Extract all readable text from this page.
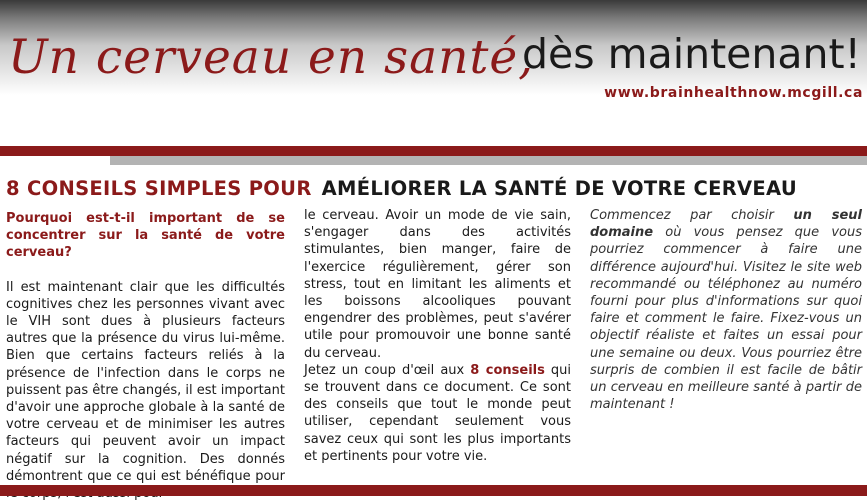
Un cerveau en santé,
dès maintenant!
www.brainhealthnow.mcgill.ca
8 CONSEILS SIMPLES POUR AMÉLIORER LA SANTÉ DE VOTRE CERVEAU

Pourquoi est-t-il important de se concentrer sur la santé de votre cerveau?

Il est maintenant clair que les difficultés cognitives chez les personnes vivant avec le VIH sont dues à plusieurs facteurs autres que la présence du virus lui-même. Bien que certains facteurs reliés à la présence de l'infection dans le corps ne puissent pas être changés, il est important d'avoir une approche globale à la santé de votre cerveau et de minimiser les autres facteurs qui peuvent avoir un impact négatif sur la cognition. Des donnés démontrent que ce qui est bénéfique pour

le cerveau. Avoir un mode de vie sain, s'engager dans des activités stimulantes, bien manger, faire de l'exercice régulièrement, gérer son stress, tout en limitant les aliments et les boissons alcooliques pouvant engendrer des problèmes, peut s'avérer utile pour promouvoir une bonne santé du cerveau.

Jetez un coup d'œil aux 8 conseils qui se trouvent dans ce document. Ce sont des conseils que tout le monde peut utiliser, cependant seulement vous savez ceux qui sont les plus importants et pertinents pour votre vie.

Commencez par choisir un seul domaine où vous pensez que vous pourriez commencer à faire une différence aujourd'hui. Visitez le site web recommandé ou téléphonez au numéro fourni pour plus d'informations sur quoi faire et comment le faire. Fixez-vous un objectif réaliste et faites un essai pour une semaine ou deux. Vous pourriez être surpris de combien il est facile de bâtir un cerveau en meilleure santé à partir de maintenant !
